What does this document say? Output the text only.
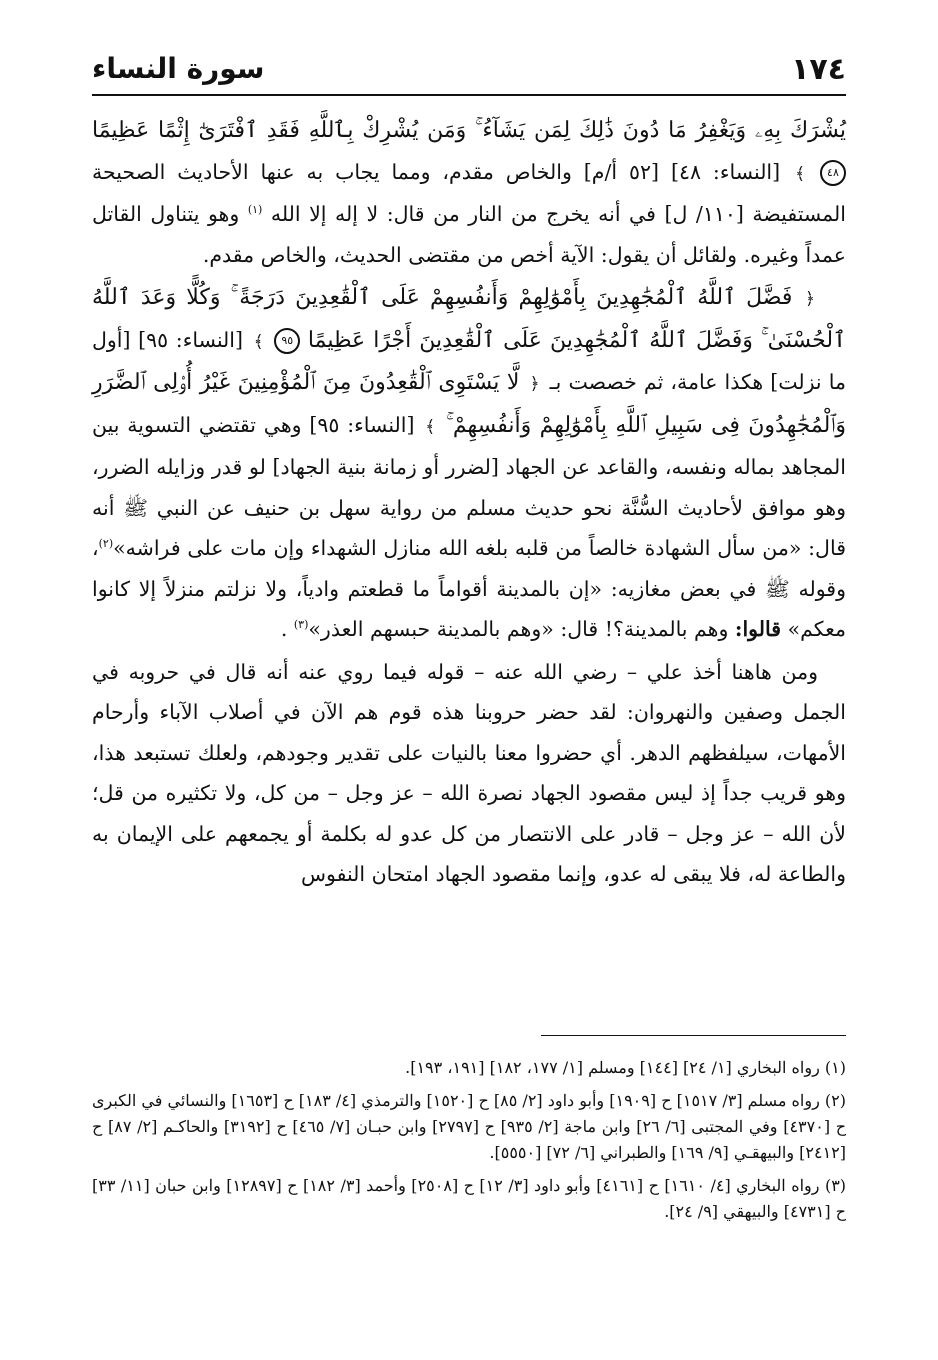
١٧٤
سورة النساء

يُشْرَكَ بِهِۦ وَيَغْفِرُ مَا دُونَ ذَٰلِكَ لِمَن يَشَآءُ ۚ وَمَن يُشْرِكْ بِٱللَّهِ فَقَدِ ٱفْتَرَىٰٓ إِثْمًا عَظِيمًا ٤٨ ﴾ [النساء: ٤٨] [٥٢ أ/م] والخاص مقدم، ومما يجاب به عنها الأحاديث الصحيحة المستفيضة [١١٠/ ل] في أنه يخرج من النار من قال: لا إله إلا الله $^{(١)}$ وهو يتناول القاتل عمداً وغيره. ولقائل أن يقول: الآية أخص من مقتضى الحديث، والخاص مقدم.

﴿ فَضَّلَ ٱللَّهُ ٱلْمُجَٰهِدِينَ بِأَمْوَٰلِهِمْ وَأَنفُسِهِمْ عَلَى ٱلْقَٰعِدِينَ دَرَجَةً ۚ وَكُلًّا وَعَدَ ٱللَّهُ ٱلْحُسْنَىٰ ۚ وَفَضَّلَ ٱللَّهُ ٱلْمُجَٰهِدِينَ عَلَى ٱلْقَٰعِدِينَ أَجْرًا عَظِيمًا ٩٥ ﴾ [النساء: ٩٥] [أول ما نزلت] هكذا عامة، ثم خصصت بـ ﴿ لَّا يَسْتَوِى ٱلْقَٰعِدُونَ مِنَ ٱلْمُؤْمِنِينَ غَيْرُ أُو۟لِى ٱلضَّرَرِ وَٱلْمُجَٰهِدُونَ فِى سَبِيلِ ٱللَّهِ بِأَمْوَٰلِهِمْ وَأَنفُسِهِمْ ۚ ﴾ [النساء: ٩٥] وهي تقتضي التسوية بين المجاهد بماله ونفسه، والقاعد عن الجهاد [لضرر أو زمانة بنية الجهاد] لو قدر وزايله الضرر، وهو موافق لأحاديث السُّنَّة نحو حديث مسلم من رواية سهل بن حنيف عن النبي ﷺ أنه قال: «من سأل الشهادة خالصاً من قلبه بلغه الله منازل الشهداء وإن مات على فراشه»$^{(٢)}$، وقوله ﷺ في بعض مغازيه: «إن بالمدينة أقواماً ما قطعتم وادياً، ولا نزلتم منزلاً إلا كانوا معكم» قالوا: وهم بالمدينة؟! قال: «وهم بالمدينة حبسهم العذر»$^{(٣)}$ .

ومن هاهنا أخذ علي – رضي الله عنه – قوله فيما روي عنه أنه قال في حروبه في الجمل وصفين والنهروان: لقد حضر حروبنا هذه قوم هم الآن في أصلاب الآباء وأرحام الأمهات، سيلفظهم الدهر. أي حضروا معنا بالنيات على تقدير وجودهم، ولعلك تستبعد هذا، وهو قريب جداً إذ ليس مقصود الجهاد نصرة الله – عز وجل – من كل، ولا تكثيره من قل؛ لأن الله – عز وجل – قادر على الانتصار من كل عدو له بكلمة أو يجمعهم على الإيمان به والطاعة له، فلا يبقى له عدو، وإنما مقصود الجهاد امتحان النفوس

(١) رواه البخاري [١/ ٢٤] [١٤٤] ومسلم [١/ ١٧٧، ١٨٢] [١٩١، ١٩٣].

(٢) رواه مسلم [٣/ ١٥١٧] ح [١٩٠٩] وأبو داود [٢/ ٨٥] ح [١٥٢٠] والترمذي [٤/ ١٨٣] ح [١٦٥٣] والنسائي في الكبرى ح [٤٣٧٠] وفي المجتبى [٦/ ٢٦] وابن ماجة [٢/ ٩٣٥] ح [٢٧٩٧] وابن حبـان [٧/ ٤٦٥] ح [٣١٩٢] والحاكـم [٢/ ٨٧] ح [٢٤١٢] والبيهقـي [٩/ ١٦٩] والطبراني [٦/ ٧٢] [٥٥٥٠].

(٣) رواه البخاري [٤/ ١٦١٠] ح [٤١٦١] وأبو داود [٣/ ١٢] ح [٢٥٠٨] وأحمد [٣/ ١٨٢] ح [١٢٨٩٧] وابن حبان [١١/ ٣٣] ح [٤٧٣١] والبيهقي [٩/ ٢٤].
